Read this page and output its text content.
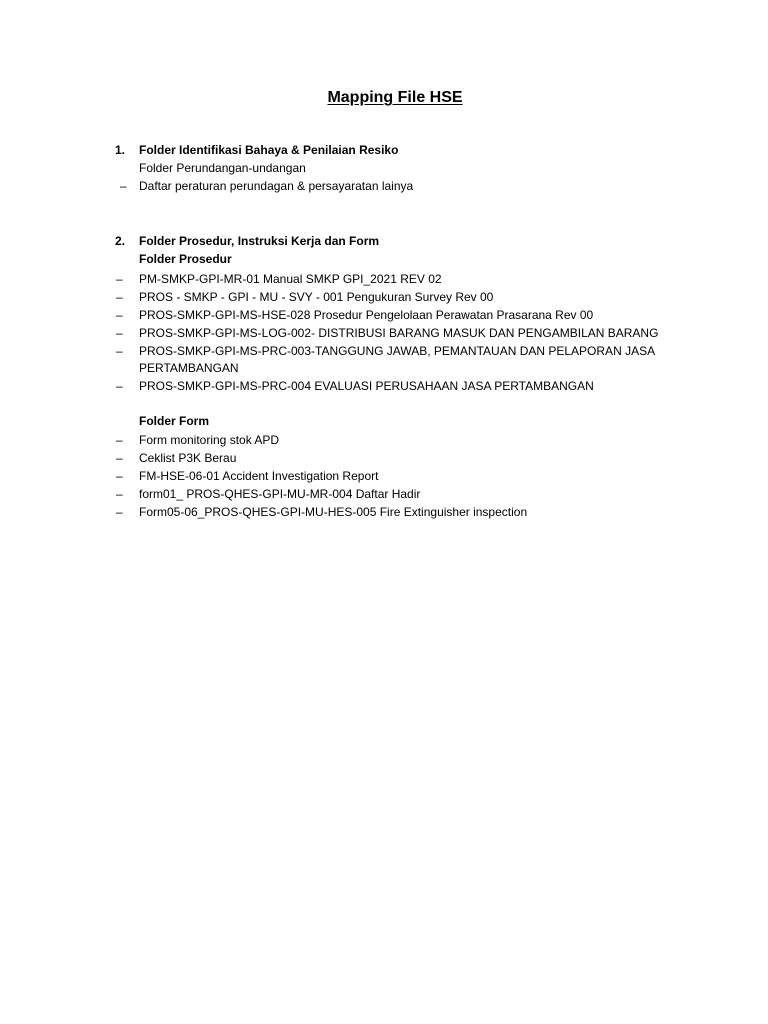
Mapping File HSE
1. Folder Identifikasi Bahaya & Penilaian Resiko
Folder Perundangan-undangan
– Daftar peraturan perundagan & persayaratan lainya
2. Folder Prosedur, Instruksi Kerja dan Form
Folder Prosedur
– PM-SMKP-GPI-MR-01 Manual SMKP GPI_2021 REV 02
– PROS - SMKP - GPI - MU - SVY - 001 Pengukuran Survey Rev 00
– PROS-SMKP-GPI-MS-HSE-028 Prosedur Pengelolaan Perawatan Prasarana Rev 00
– PROS-SMKP-GPI-MS-LOG-002- DISTRIBUSI BARANG MASUK DAN PENGAMBILAN BARANG
– PROS-SMKP-GPI-MS-PRC-003-TANGGUNG JAWAB, PEMANTAUAN DAN PELAPORAN JASA
PERTAMBANGAN
– PROS-SMKP-GPI-MS-PRC-004 EVALUASI PERUSAHAAN JASA PERTAMBANGAN
Folder Form
– Form monitoring stok APD
– Ceklist P3K Berau
– FM-HSE-06-01 Accident Investigation Report
– form01_ PROS-QHES-GPI-MU-MR-004 Daftar Hadir
– Form05-06_PROS-QHES-GPI-MU-HES-005 Fire Extinguisher inspection
